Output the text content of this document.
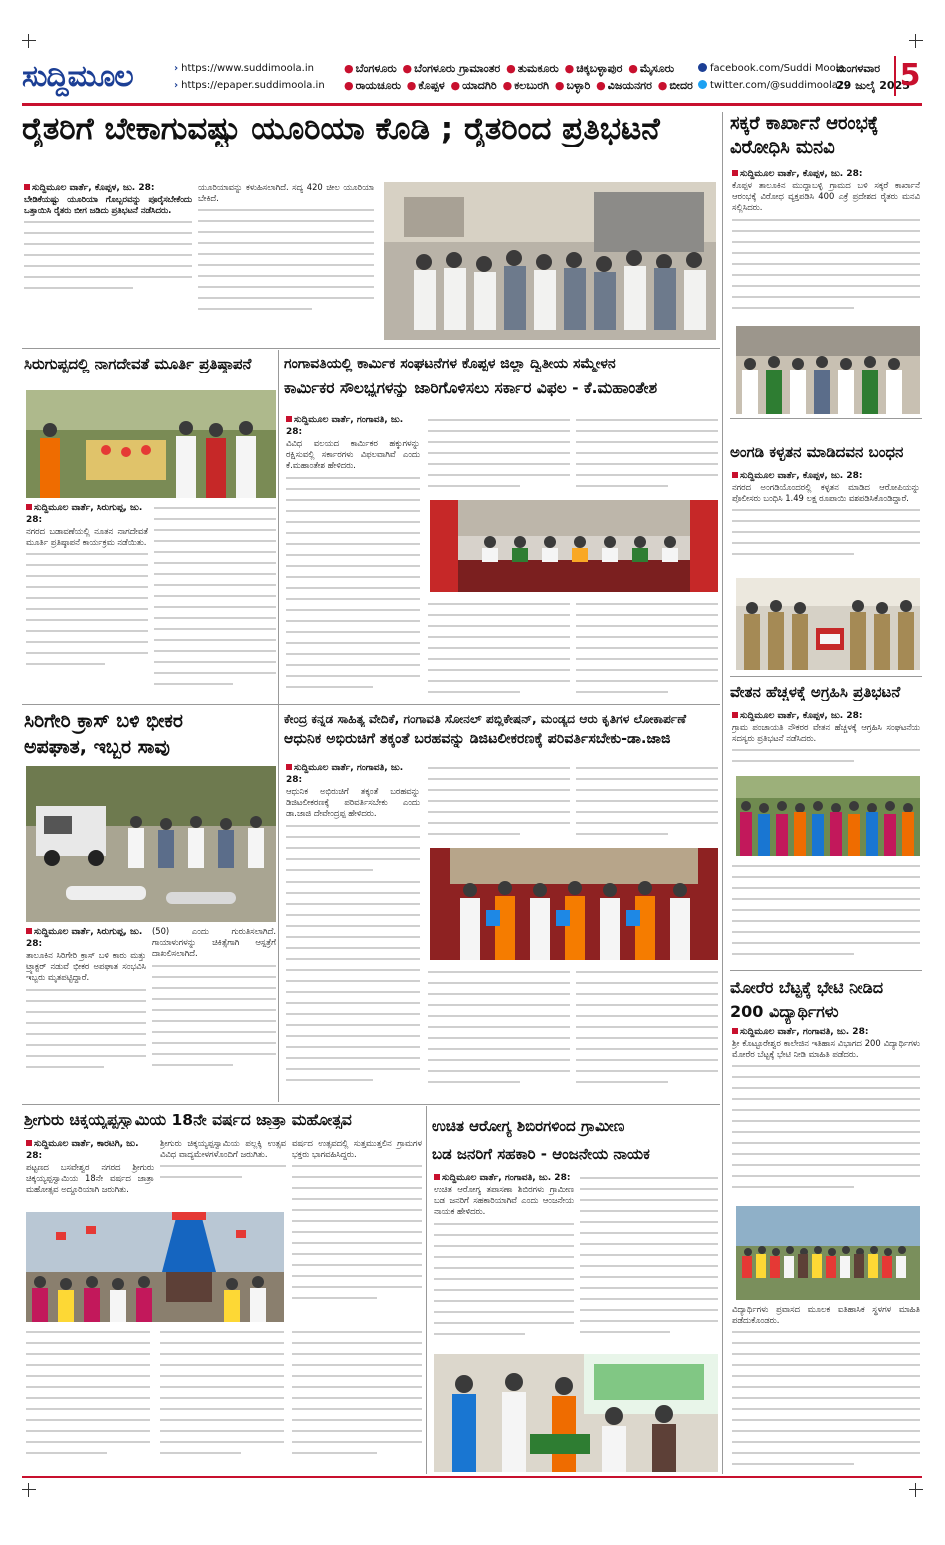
ಸುದ್ದಿಮೂಲ	› https://www.suddimoola.in
› https://epaper.suddimoola.in
● ಬೆಂಗಳೂರು ● ಬೆಂಗಳೂರು ಗ್ರಾಮಾಂತರ ● ತುಮಕೂರು ● ಚಿಕ್ಕಬಳ್ಳಾಪುರ ● ಮೈಸೂರು
● ರಾಯಚೂರು ● ಕೊಪ್ಪಳ ● ಯಾದಗಿರಿ ● ಕಲಬುರಗಿ ● ಬಳ್ಳಾರಿ ● ವಿಜಯನಗರ ● ಬೀದರ
facebook.com/Suddi Moola
twitter.com/@suddimoola22
ಮಂಗಳವಾರ
29 ಜುಲೈ 2025
5
ರೈತರಿಗೆ ಬೇಕಾಗುವಷ್ಟು ಯೂರಿಯಾ ಕೊಡಿ ; ರೈತರಿಂದ ಪ್ರತಿಭಟನೆ
ಸುದ್ದಿಮೂಲ ವಾರ್ತೆ, ಕೊಪ್ಪಳ, ಜು. 28:
ಬೇಡಿಕೆಯಷ್ಟು ಯೂರಿಯಾ ಗೊಬ್ಬರವನ್ನು ಪೂರೈಸಬೇಕೆಂದು ಒತ್ತಾಯಿಸಿ ರೈತರು ಬೀಗ ಜಡಿದು ಪ್ರತಿಭಟನೆ ನಡೆಸಿದರು.
ಯೂರಿಯಾವನ್ನು ಕಳುಹಿಸಲಾಗಿದೆ. ಸದ್ಯ 420 ಚೀಲ ಯೂರಿಯಾ ಬೇಕಿದೆ.
ಸಕ್ಕರೆ ಕಾರ್ಖಾನೆ ಆರಂಭಕ್ಕೆ
ವಿರೋಧಿಸಿ ಮನವಿ
ಸುದ್ದಿಮೂಲ ವಾರ್ತೆ, ಕೊಪ್ಪಳ, ಜು. 28:
ಕೊಪ್ಪಳ ತಾಲೂಕಿನ ಮುದ್ದಾಬಳ್ಳಿ ಗ್ರಾಮದ ಬಳಿ ಸಕ್ಕರೆ ಕಾರ್ಖಾನೆ ಆರಂಭಕ್ಕೆ ವಿರೋಧ ವ್ಯಕ್ತಪಡಿಸಿ 400 ಎಕ್ರೆ ಪ್ರದೇಶದ ರೈತರು ಮನವಿ ಸಲ್ಲಿಸಿದರು.
ಅಂಗಡಿ ಕಳ್ಳತನ ಮಾಡಿದವನ ಬಂಧನ
ಸುದ್ದಿಮೂಲ ವಾರ್ತೆ, ಕೊಪ್ಪಳ, ಜು. 28:
ನಗರದ ಅಂಗಡಿಯೊಂದರಲ್ಲಿ ಕಳ್ಳತನ ಮಾಡಿದ ಆರೋಪಿಯನ್ನು ಪೊಲೀಸರು ಬಂಧಿಸಿ 1.49 ಲಕ್ಷ ರೂಪಾಯಿ ವಶಪಡಿಸಿಕೊಂಡಿದ್ದಾರೆ.
ವೇತನ ಹೆಚ್ಚಳಕ್ಕೆ ಅಗ್ರಹಿಸಿ ಪ್ರತಿಭಟನೆ
ಸುದ್ದಿಮೂಲ ವಾರ್ತೆ, ಕೊಪ್ಪಳ, ಜು. 28:
ಗ್ರಾಮ ಪಂಚಾಯತಿ ನೌಕರರ ವೇತನ ಹೆಚ್ಚಳಕ್ಕೆ ಆಗ್ರಹಿಸಿ ಸಂಘಟನೆಯ ಸದಸ್ಯರು ಪ್ರತಿಭಟನೆ ನಡೆಸಿದರು.
ಮೋರೆರ ಬೆಟ್ಟಕ್ಕೆ ಭೇಟಿ ನೀಡಿದ
200 ವಿದ್ಯಾರ್ಥಿಗಳು
ಸುದ್ದಿಮೂಲ ವಾರ್ತೆ, ಗಂಗಾವತಿ, ಜು. 28:
ಶ್ರೀ ಕೊಟ್ಟೂರೇಶ್ವರ ಕಾಲೇಜಿನ ಇತಿಹಾಸ ವಿಭಾಗದ 200 ವಿದ್ಯಾರ್ಥಿಗಳು ಮೋರೆರ ಬೆಟ್ಟಕ್ಕೆ ಭೇಟಿ ನೀಡಿ ಮಾಹಿತಿ ಪಡೆದರು.
ವಿದ್ಯಾರ್ಥಿಗಳು ಪ್ರವಾಸದ ಮೂಲಕ ಐತಿಹಾಸಿಕ ಸ್ಥಳಗಳ ಮಾಹಿತಿ ಪಡೆದುಕೊಂಡರು.
ಸಿರುಗುಪ್ಪದಲ್ಲಿ ನಾಗದೇವತೆ ಮೂರ್ತಿ ಪ್ರತಿಷ್ಠಾಪನೆ
ಸುದ್ದಿಮೂಲ ವಾರ್ತೆ, ಸಿರುಗುಪ್ಪ, ಜು. 28:
ನಗರದ ಬಡಾವಣೆಯಲ್ಲಿ ನೂತನ ನಾಗದೇವತೆ ಮೂರ್ತಿ ಪ್ರತಿಷ್ಠಾಪನೆ ಕಾರ್ಯಕ್ರಮ ನಡೆಯಿತು.
ಗಂಗಾವತಿಯಲ್ಲಿ ಕಾರ್ಮಿಕ ಸಂಘಟನೆಗಳ ಕೊಪ್ಪಳ ಜಿಲ್ಲಾ ದ್ವಿತೀಯ ಸಮ್ಮೇಳನ
ಕಾರ್ಮಿಕರ ಸೌಲಭ್ಯಗಳನ್ನು ಜಾರಿಗೊಳಿಸಲು ಸರ್ಕಾರ ವಿಫಲ - ಕೆ.ಮಹಾಂತೇಶ
ಸುದ್ದಿಮೂಲ ವಾರ್ತೆ, ಗಂಗಾವತಿ, ಜು. 28:
ವಿವಿಧ ವಲಯದ ಕಾರ್ಮಿಕರ ಹಕ್ಕುಗಳನ್ನು ರಕ್ಷಿಸುವಲ್ಲಿ ಸರ್ಕಾರಗಳು ವಿಫಲವಾಗಿವೆ ಎಂದು ಕೆ.ಮಹಾಂತೇಶ ಹೇಳಿದರು.
ಸಿರಿಗೇರಿ ಕ್ರಾಸ್ ಬಳಿ ಭೀಕರ
ಅಪಘಾತ, ಇಬ್ಬರ ಸಾವು
ಸುದ್ದಿಮೂಲ ವಾರ್ತೆ, ಸಿರುಗುಪ್ಪ, ಜು. 28:
ತಾಲೂಕಿನ ಸಿರಿಗೇರಿ ಕ್ರಾಸ್ ಬಳಿ ಕಾರು ಮತ್ತು ಟ್ರ್ಯಾಕ್ಟರ್ ನಡುವೆ ಭೀಕರ ಅಪಘಾತ ಸಂಭವಿಸಿ ಇಬ್ಬರು ಮೃತಪಟ್ಟಿದ್ದಾರೆ.
(50) ಎಂದು ಗುರುತಿಸಲಾಗಿದೆ. ಗಾಯಾಳುಗಳನ್ನು ಚಿಕಿತ್ಸೆಗಾಗಿ ಆಸ್ಪತ್ರೆಗೆ ದಾಖಲಿಸಲಾಗಿದೆ.
ಕೇಂದ್ರ ಕನ್ನಡ ಸಾಹಿತ್ಯ ವೇದಿಕೆ, ಗಂಗಾವತಿ ಸೋನಲ್ ಪಬ್ಲಿಕೇಷನ್, ಮಂಡ್ಯದ ಆರು ಕೃತಿಗಳ ಲೋಕಾರ್ಪಣೆ
ಆಧುನಿಕ ಅಭಿರುಚಿಗೆ ತಕ್ಕಂತೆ ಬರಹವನ್ನು ಡಿಜಿಟಲೀಕರಣಕ್ಕೆ ಪರಿವರ್ತಿಸಬೇಕು-ಡಾ.ಜಾಜಿ
ಸುದ್ದಿಮೂಲ ವಾರ್ತೆ, ಗಂಗಾವತಿ, ಜು. 28:
ಆಧುನಿಕ ಅಭಿರುಚಿಗೆ ತಕ್ಕಂತೆ ಬರಹವನ್ನು ಡಿಜಿಟಲೀಕರಣಕ್ಕೆ ಪರಿವರ್ತಿಸಬೇಕು ಎಂದು ಡಾ.ಜಾಜಿ ದೇವೇಂದ್ರಪ್ಪ ಹೇಳಿದರು.
ಶ್ರೀಗುರು ಚಿಕ್ಕಯ್ಯಪ್ಪಸ್ವಾಮಿಯ 18ನೇ ವರ್ಷದ ಜಾತ್ರಾ ಮಹೋತ್ಸವ
ಸುದ್ದಿಮೂಲ ವಾರ್ತೆ, ಕಾರಟಗಿ, ಜು. 28:
ಪಟ್ಟಣದ ಬಸವೇಶ್ವರ ನಗರದ ಶ್ರೀಗುರು ಚಿಕ್ಕಯ್ಯಪ್ಪಸ್ವಾಮಿಯ 18ನೇ ವರ್ಷದ ಜಾತ್ರಾ ಮಹೋತ್ಸವ ಅದ್ದೂರಿಯಾಗಿ ಜರುಗಿತು.
ಶ್ರೀಗುರು ಚಿಕ್ಕಯ್ಯಪ್ಪಸ್ವಾಮಿಯ ಪಲ್ಲಕ್ಕಿ ಉತ್ಸವ ವಿವಿಧ ವಾದ್ಯಮೇಳಗಳೊಂದಿಗೆ ಜರುಗಿತು.
ವರ್ಷದ ಉತ್ಸವದಲ್ಲಿ ಸುತ್ತಮುತ್ತಲಿನ ಗ್ರಾಮಗಳ ಭಕ್ತರು ಭಾಗವಹಿಸಿದ್ದರು.
ಉಚಿತ ಆರೋಗ್ಯ ಶಿಬಿರಗಳಿಂದ ಗ್ರಾಮೀಣ
ಬಡ ಜನರಿಗೆ ಸಹಕಾರಿ - ಆಂಜನೇಯ ನಾಯಕ
ಸುದ್ದಿಮೂಲ ವಾರ್ತೆ, ಗಂಗಾವತಿ, ಜು. 28:
ಉಚಿತ ಆರೋಗ್ಯ ತಪಾಸಣಾ ಶಿಬಿರಗಳು ಗ್ರಾಮೀಣ ಬಡ ಜನರಿಗೆ ಸಹಕಾರಿಯಾಗಿವೆ ಎಂದು ಆಂಜನೇಯ ನಾಯಕ ಹೇಳಿದರು.
